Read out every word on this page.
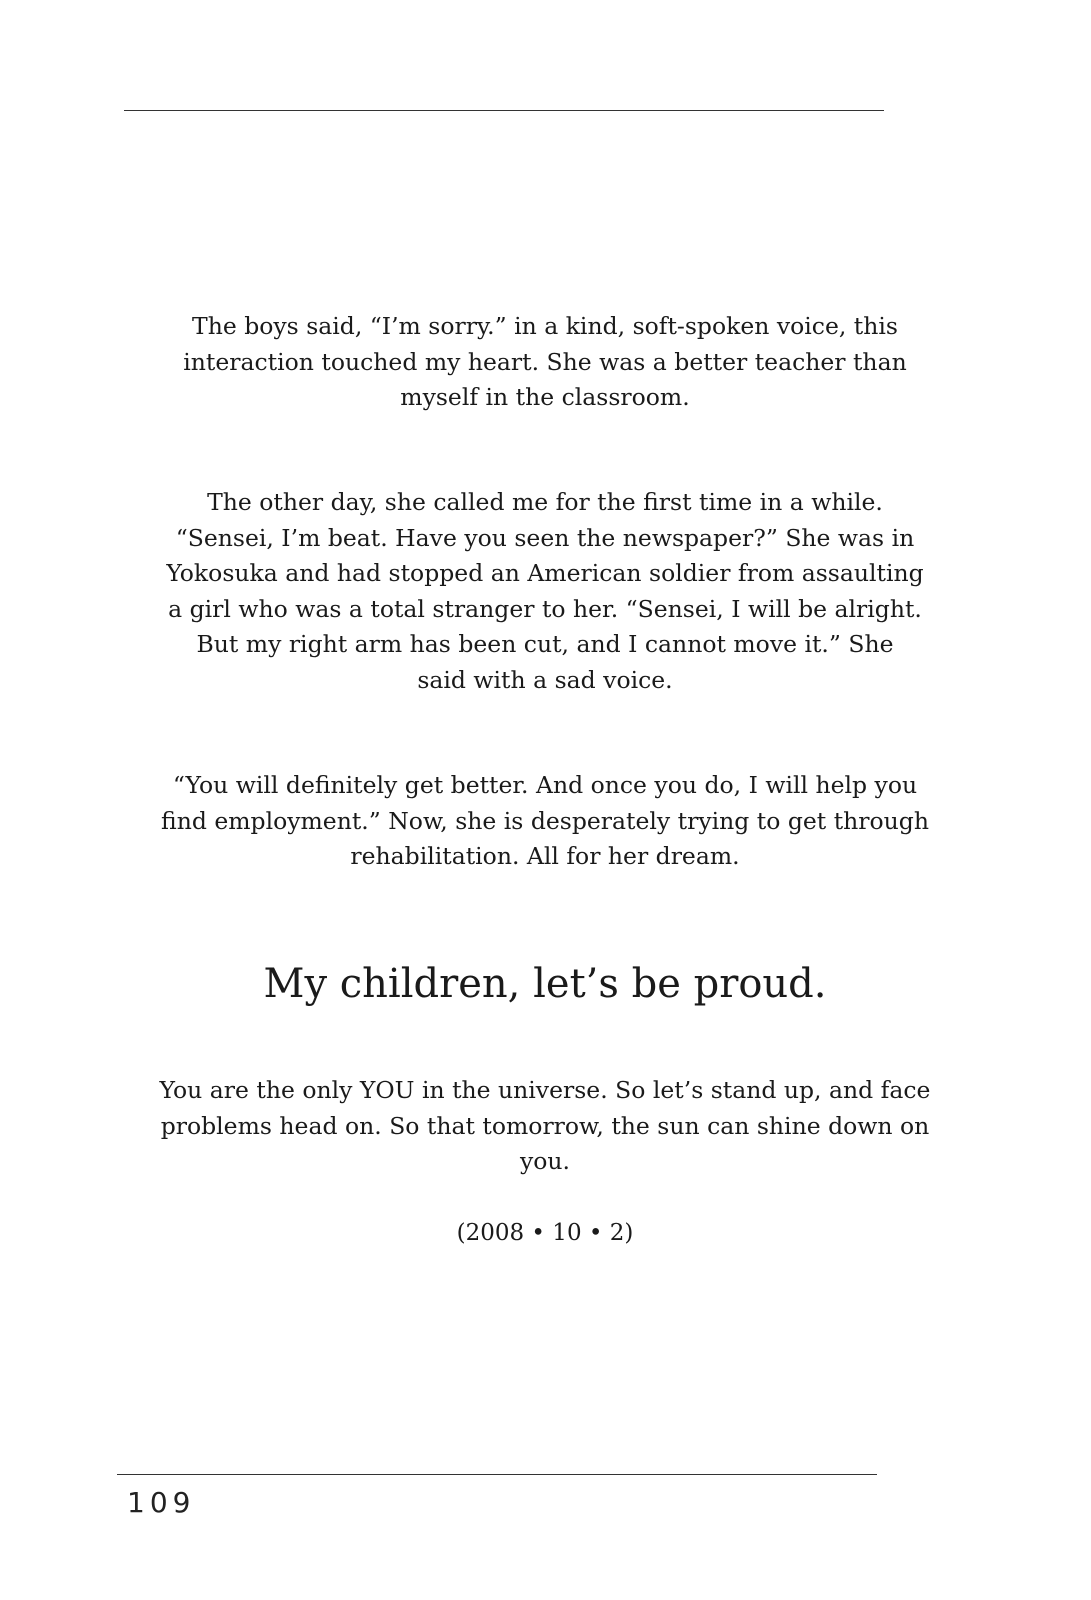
The boys said, “I’m sorry.” in a kind, soft-spoken voice, this
interaction touched my heart. She was a better teacher than
myself in the classroom.

The other day, she called me for the first time in a while.
“Sensei, I’m beat. Have you seen the newspaper?” She was in
Yokosuka and had stopped an American soldier from assaulting
a girl who was a total stranger to her. “Sensei, I will be alright.
But my right arm has been cut, and I cannot move it.” She
said with a sad voice.

“You will definitely get better. And once you do, I will help you
find employment.” Now, she is desperately trying to get through
rehabilitation. All for her dream.

My children, let’s be proud.

You are the only YOU in the universe. So let’s stand up, and face
problems head on. So that tomorrow, the sun can shine down on
you.

(2008 • 10 • 2)
109
